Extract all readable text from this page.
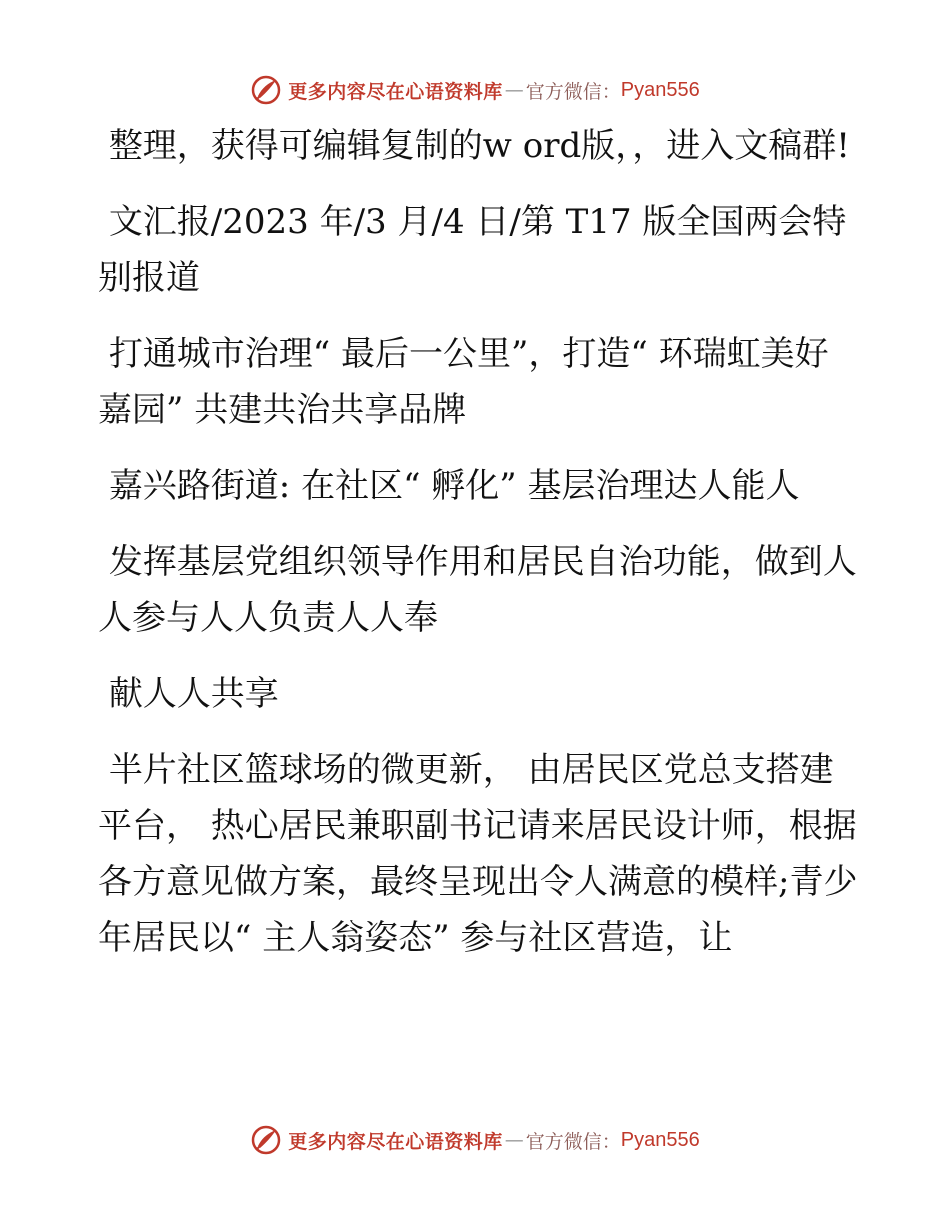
更多内容尽在心语资料库 — 官方微信： Pyan556

整理，获得可编辑复制的w ord版，，进入文稿群!

文汇报/2023 年/3 月/4 日/第 T17 版全国两会特别报道

打通城市治理“ 最后一公里”，打造“ 环瑞虹美好嘉园” 共建共治共享品牌

嘉兴路街道: 在社区“ 孵化” 基层治理达人能人

发挥基层党组织领导作用和居民自治功能，做到人人参与人人负责人人奉

献人人共享

半片社区篮球场的微更新， 由居民区党总支搭建平台， 热心居民兼职副书记请来居民设计师，根据各方意见做方案，最终呈现出令人满意的模样;青少年居民以“ 主人翁姿态” 参与社区营造，让

更多内容尽在心语资料库 — 官方微信： Pyan556
